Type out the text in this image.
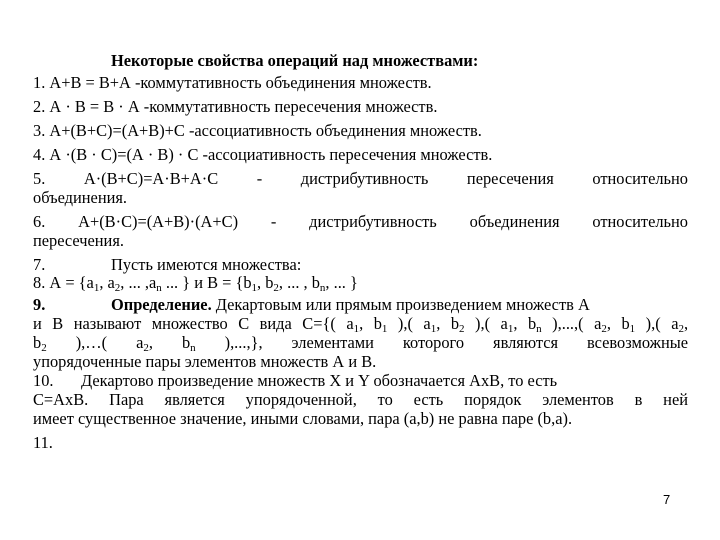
Некоторые свойства операций над множествами:
1. А+В = В+А -коммутативность объединения множеств.
2. А · В = В · А -коммутативность пересечения множеств.
3. А+(В+С)=(А+В)+С -ассоциативность объединения множеств.
4. А ·(В · С)=(А · В) · С -ассоциативность пересечения множеств.
5. А·(В+С)=А·В+А·С - дистрибутивность пересечения относительно
объединения.
6. А+(В·С)=(А+В)·(А+С) - дистрибутивность объединения относительно
пересечения.
7.	Пусть имеются множества:
8. $А = \{a_1$, $a_2$, ... $,a_n$ ... } и $В = \{b_1$, $b_2$, ... , $b_n$, ... }
9.	Определение. Декартовым или прямым произведением множеств А
и В называют множество С вида С={( $a_1$, $b_1$ ),( $a_1$, $b_2$ ),( $a_1$, $b_n$ ),...,( $a_2$, $b_1$ ),( $a_2$,
$b_2$ ),…( $a_2$, $b_n$ ),...,}, элементами которого являются всевозможные
упорядоченные пары элементов множеств А и В.
10. Декартово произведение множеств X и Y обозначается AxB, то есть
С=AxB. Пара является упорядоченной, то есть порядок элементов в ней
имеет существенное значение, иными словами, пара (a,b) не равна паре (b,a).
11.
7
